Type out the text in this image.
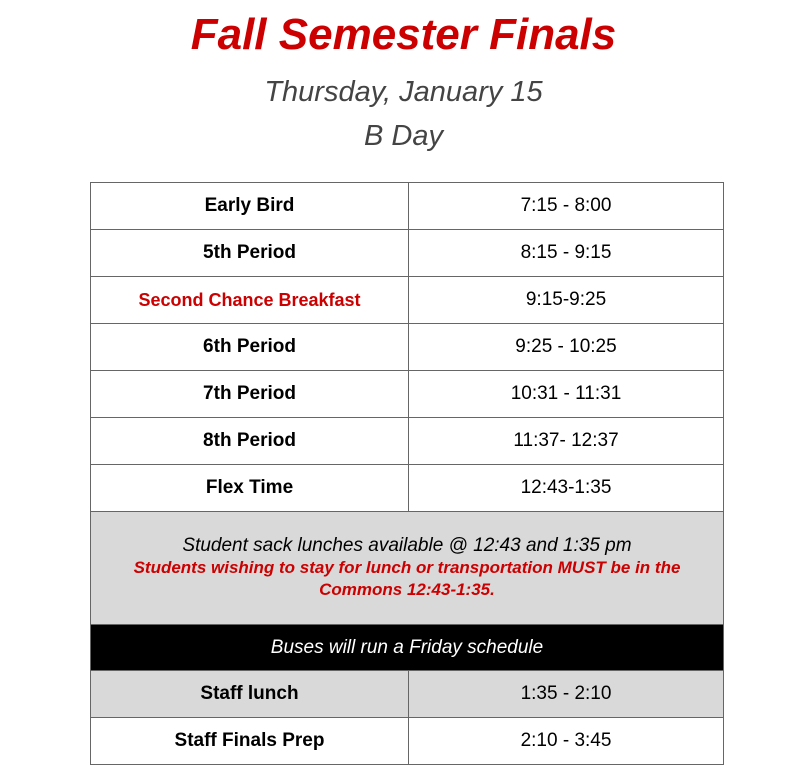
Fall Semester Finals
Thursday, January 15
B Day
Early Bird	7:15 - 8:00
5th Period	8:15 - 9:15
Second Chance Breakfast	9:15-9:25
6th Period	9:25 - 10:25
7th Period	10:31 - 11:31
8th Period	11:37- 12:37
Flex Time	12:43-1:35

Student sack lunches available @ 12:43 and 1:35 pm
Students wishing to stay for lunch or transportation MUST be in the Commons 12:43-1:35.	

Buses will run a Friday schedule	
Staff lunch	1:35 - 2:10
Staff Finals Prep	2:10 - 3:45
